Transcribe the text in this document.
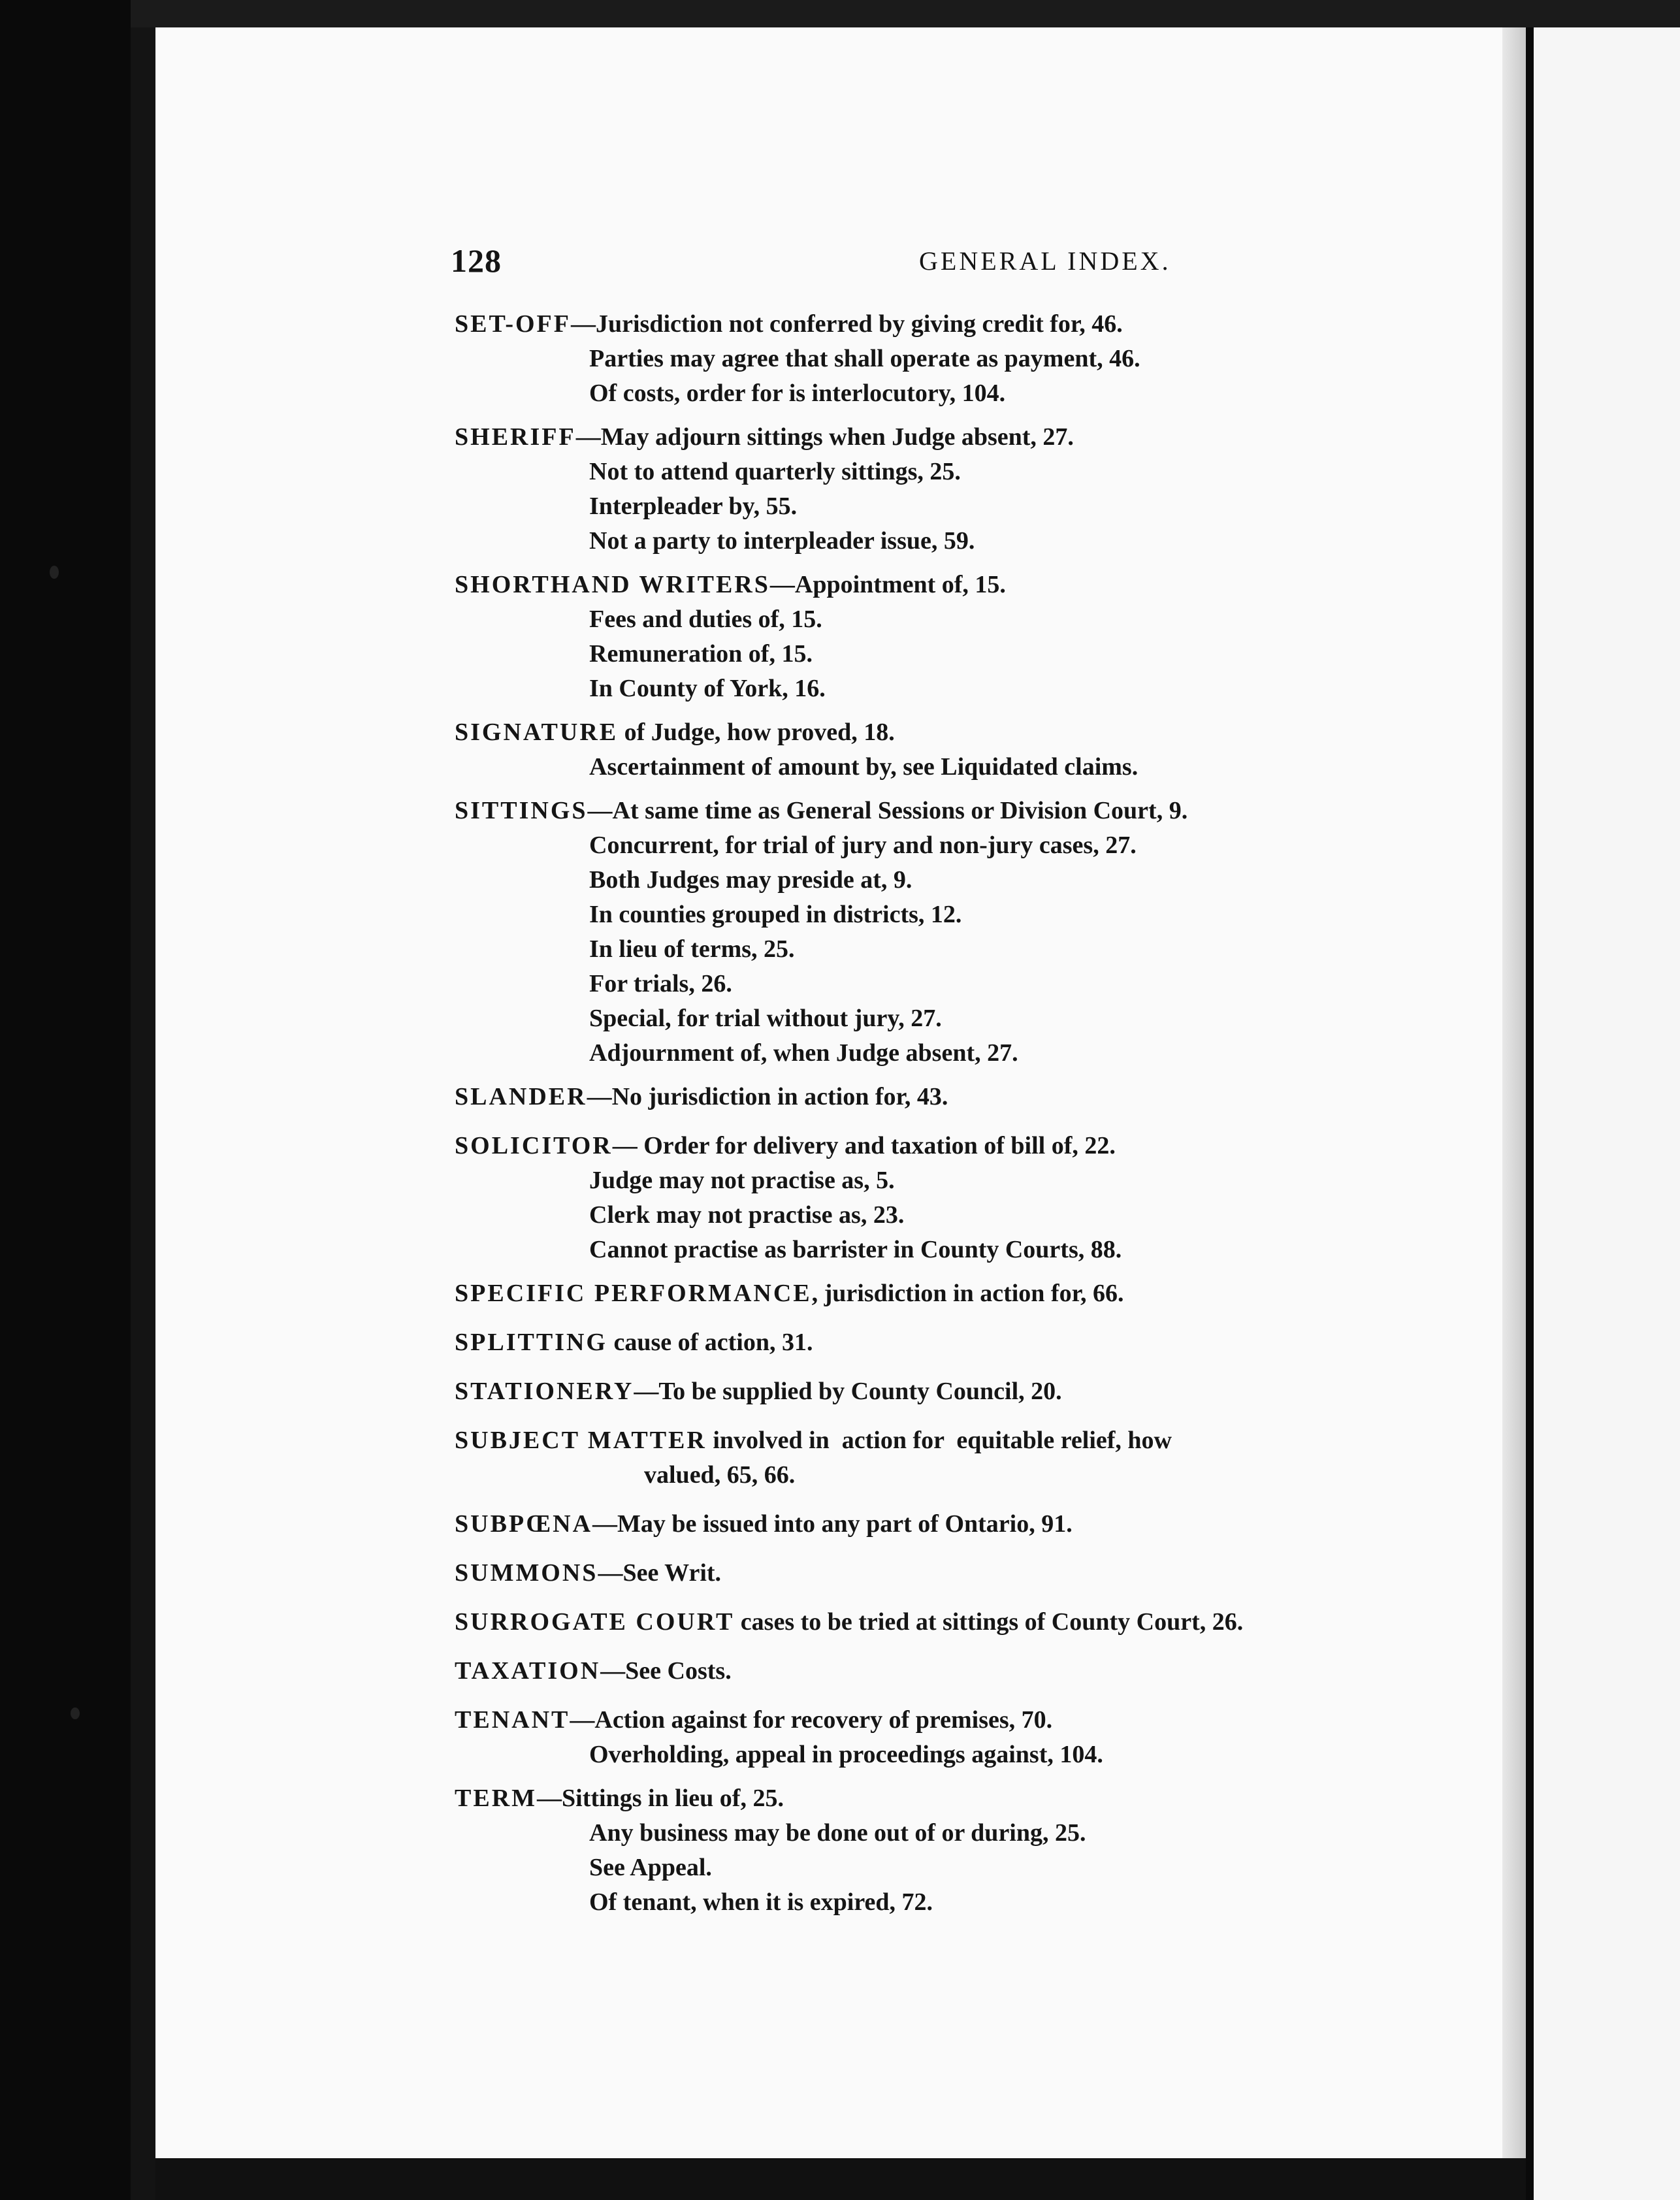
128	GENERAL INDEX.
SET-OFF—Jurisdiction not conferred by giving credit for, 46.
Parties may agree that shall operate as payment, 46.
Of costs, order for is interlocutory, 104.
SHERIFF—May adjourn sittings when Judge absent, 27.
Not to attend quarterly sittings, 25.
Interpleader by, 55.
Not a party to interpleader issue, 59.
SHORTHAND WRITERS—Appointment of, 15.
Fees and duties of, 15.
Remuneration of, 15.
In County of York, 16.
SIGNATURE of Judge, how proved, 18.
Ascertainment of amount by, see Liquidated claims.
SITTINGS—At same time as General Sessions or Division Court, 9.
Concurrent, for trial of jury and non-jury cases, 27.
Both Judges may preside at, 9.
In counties grouped in districts, 12.
In lieu of terms, 25.
For trials, 26.
Special, for trial without jury, 27.
Adjournment of, when Judge absent, 27.
SLANDER—No jurisdiction in action for, 43.
SOLICITOR— Order for delivery and taxation of bill of, 22.
Judge may not practise as, 5.
Clerk may not practise as, 23.
Cannot practise as barrister in County Courts, 88.
SPECIFIC PERFORMANCE, jurisdiction in action for, 66.
SPLITTING cause of action, 31.
STATIONERY—To be supplied by County Council, 20.
SUBJECT MATTER involved in  action for  equitable relief, how
valued, 65, 66.
SUBPŒNA—May be issued into any part of Ontario, 91.
SUMMONS—See Writ.
SURROGATE COURT cases to be tried at sittings of County Court, 26.
TAXATION—See Costs.
TENANT—Action against for recovery of premises, 70.
Overholding, appeal in proceedings against, 104.
TERM—Sittings in lieu of, 25.
Any business may be done out of or during, 25.
See Appeal.
Of tenant, when it is expired, 72.
